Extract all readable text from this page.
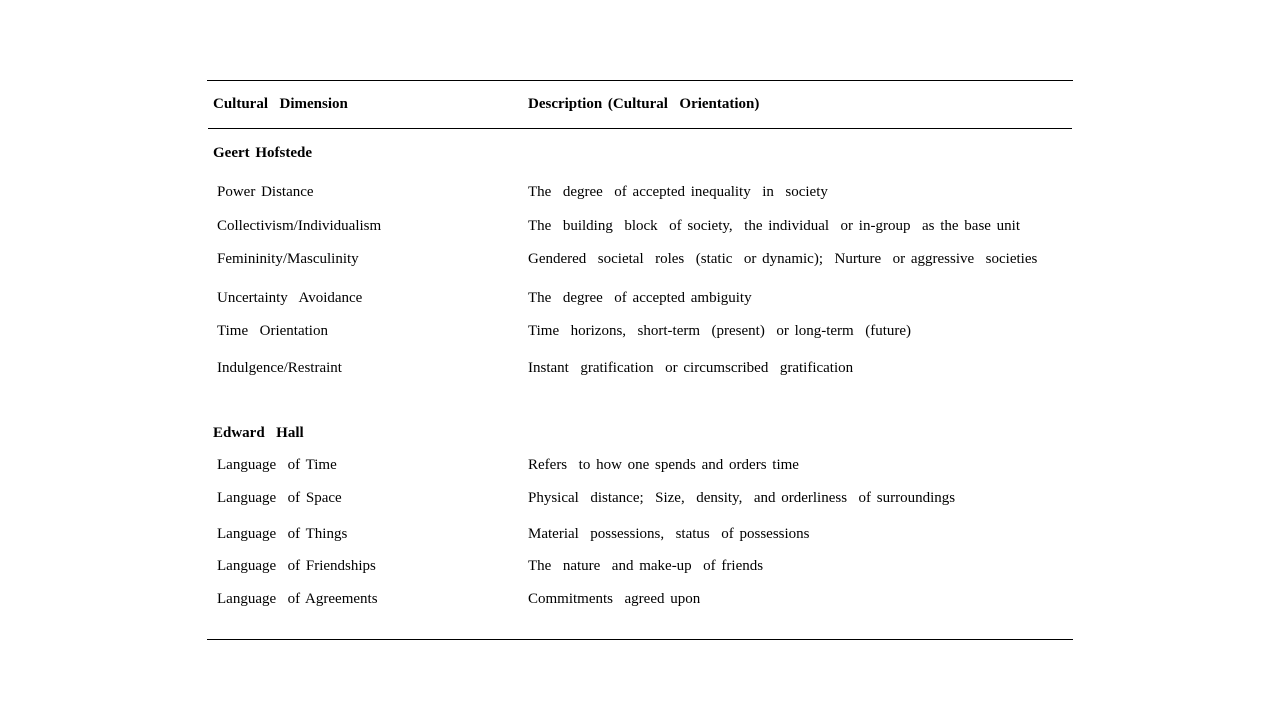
Cultural  Dimension	Description (Cultural  Orientation)
Geert Hofstede
Power Distance	The  degree  of accepted inequality  in  society
Collectivism/Individualism	The  building  block  of society,  the individual  or in-group  as the base unit
Femininity/Masculinity	Gendered  societal  roles  (static  or dynamic);  Nurture  or aggressive  societies
Uncertainty  Avoidance	The  degree  of accepted ambiguity
Time  Orientation	Time  horizons,  short-term  (present)  or long-term  (future)
Indulgence/Restraint	Instant  gratification  or circumscribed  gratification
Edward  Hall
Language  of Time	Refers  to how one spends and orders time
Language  of Space	Physical  distance;  Size,  density,  and orderliness  of surroundings
Language  of Things	Material  possessions,  status  of possessions
Language  of Friendships	The  nature  and make-up  of friends
Language  of Agreements	Commitments  agreed upon
